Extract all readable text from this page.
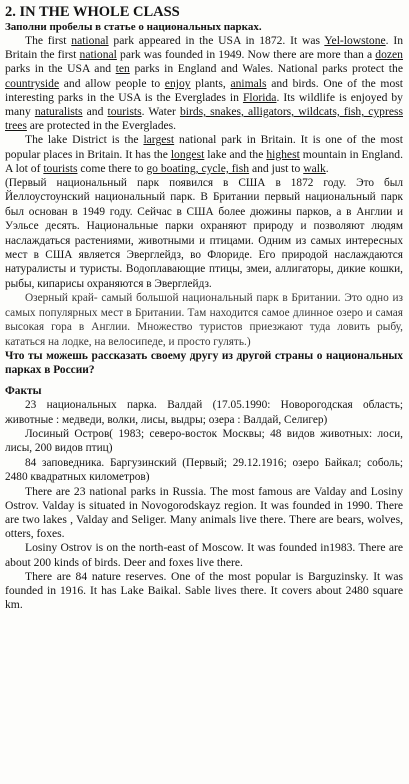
2. IN THE WHOLE CLASS
Заполни пробелы в статье о национальных парках.

The first national park appeared in the USA in 1872. It was Yel-lowstone. In Britain the first national park was founded in 1949. Now there are more than a dozen parks in the USA and ten parks in England and Wales. National parks protect the countryside and allow people to enjoy plants, animals and birds. One of the most interesting parks in the USA is the Everglades in Florida. Its wildlife is enjoyed by many naturalists and tourists. Water birds, snakes, alligators, wildcats, fish, cypress trees are protected in the Everglades.

The lake District is the largest national park in Britain. It is one of the most popular places in Britain. It has the longest lake and the highest mountain in England. A lot of tourists come there to go boating, cycle, fish and just to walk.

(Первый национальный парк появился в США в 1872 году. Это был Йеллоустоунский национальный парк. В Британии первый национальный парк был основан в 1949 году. Сейчас в США более дюжины парков, а в Англии и Уэльсе десять. Национальные парки охраняют природу и позволяют людям наслаждаться растениями, животными и птицами. Одним из самых интересных мест в США является Эверглейдз, во Флориде. Его природой наслаждаются натуралисты и туристы. Водоплавающие птицы, змеи, аллигаторы, дикие кошки, рыбы, кипарисы охраняются в Эверглейдз.

Озерный край- самый большой национальный парк в Британии. Это одно из самых популярных мест в Британии. Там находится самое длинное озеро и самая высокая гора в Англии. Множество туристов приезжают туда ловить рыбу, кататься на лодке, на велосипеде, и просто гулять.)

Что ты можешь рассказать своему другу из другой страны о национальных парках в России?

Факты

23 национальных парка. Валдай (17.05.1990: Новорогодская область; животные : медведи, волки, лисы, выдры; озера : Валдай, Селигер)

Лосиный Остров( 1983; северо-восток Москвы; 48 видов животных: лоси, лисы, 200 видов птиц)

84 заповедника. Баргузинский (Первый; 29.12.1916; озеро Байкал; соболь; 2480 квадратных километров)

There are 23 national parks in Russia. The most famous are Valday and Losiny Ostrov. Valday is situated in Novogorodskayz region. It was founded in 1990. There are two lakes , Valday and Seliger. Many animals live there. There are bears, wolves, otters, foxes.

Losiny Ostrov is on the north-east of Moscow. It was founded in1983. There are about 200 kinds of birds. Deer and foxes live there.

There are 84 nature reserves. One of the most popular is Barguzinsky. It was founded in 1916. It has Lake Baikal. Sable lives there. It covers about 2480 square km.
